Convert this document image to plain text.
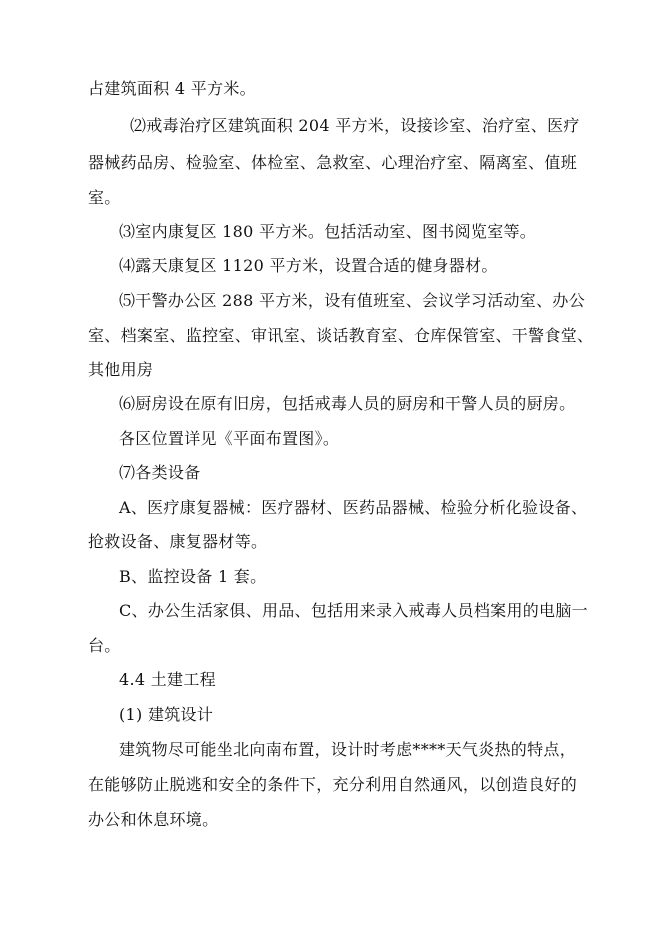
占建筑面积 4 平方米。
⑵戒毒治疗区建筑面积 204 平方米，设接诊室、治疗室、医疗
器械药品房、检验室、体检室、急救室、心理治疗室、隔离室、值班
室。
⑶室内康复区 180 平方米。包括活动室、图书阅览室等。
⑷露天康复区 1120 平方米，设置合适的健身器材。
⑸干警办公区 288 平方米，设有值班室、会议学习活动室、办公
室、档案室、监控室、审讯室、谈话教育室、仓库保管室、干警食堂、
其他用房
⑹厨房设在原有旧房，包括戒毒人员的厨房和干警人员的厨房。
各区位置详见《平面布置图》。
⑺各类设备
A、医疗康复器械：医疗器材、医药品器械、检验分析化验设备、
抢救设备、康复器材等。
B、监控设备 1 套。
C、办公生活家俱、用品、包括用来录入戒毒人员档案用的电脑一
台。
4.4 土建工程
(1) 建筑设计
建筑物尽可能坐北向南布置，设计时考虑****天气炎热的特点，
在能够防止脱逃和安全的条件下，充分利用自然通风，以创造良好的
办公和休息环境。
